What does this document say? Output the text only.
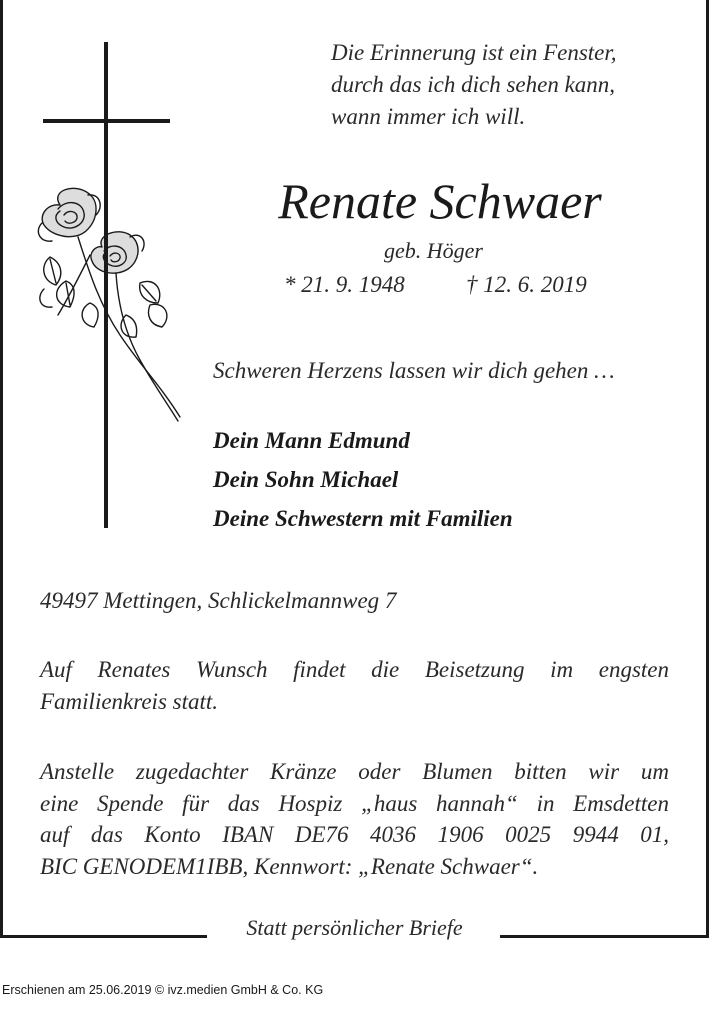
Die Erinnerung ist ein Fenster,
durch das ich dich sehen kann,
wann immer ich will.
Renate Schwaer
geb. Höger
* 21. 9. 1948	† 12. 6. 2019
Schweren Herzens lassen wir dich gehen …
Dein Mann Edmund
Dein Sohn Michael
Deine Schwestern mit Familien
49497 Mettingen, Schlickelmannweg 7
Auf Renates Wunsch findet die Beisetzung im engsten
Familienkreis statt.
Anstelle zugedachter Kränze oder Blumen bitten wir um
eine Spende für das Hospiz „haus hannah“ in Emsdetten
auf das Konto IBAN DE76 4036 1906 0025 9944 01,
BIC GENODEM1IBB, Kennwort: „Renate Schwaer“.
Statt persönlicher Briefe
Erschienen am 25.06.2019 © ivz.medien GmbH & Co. KG
